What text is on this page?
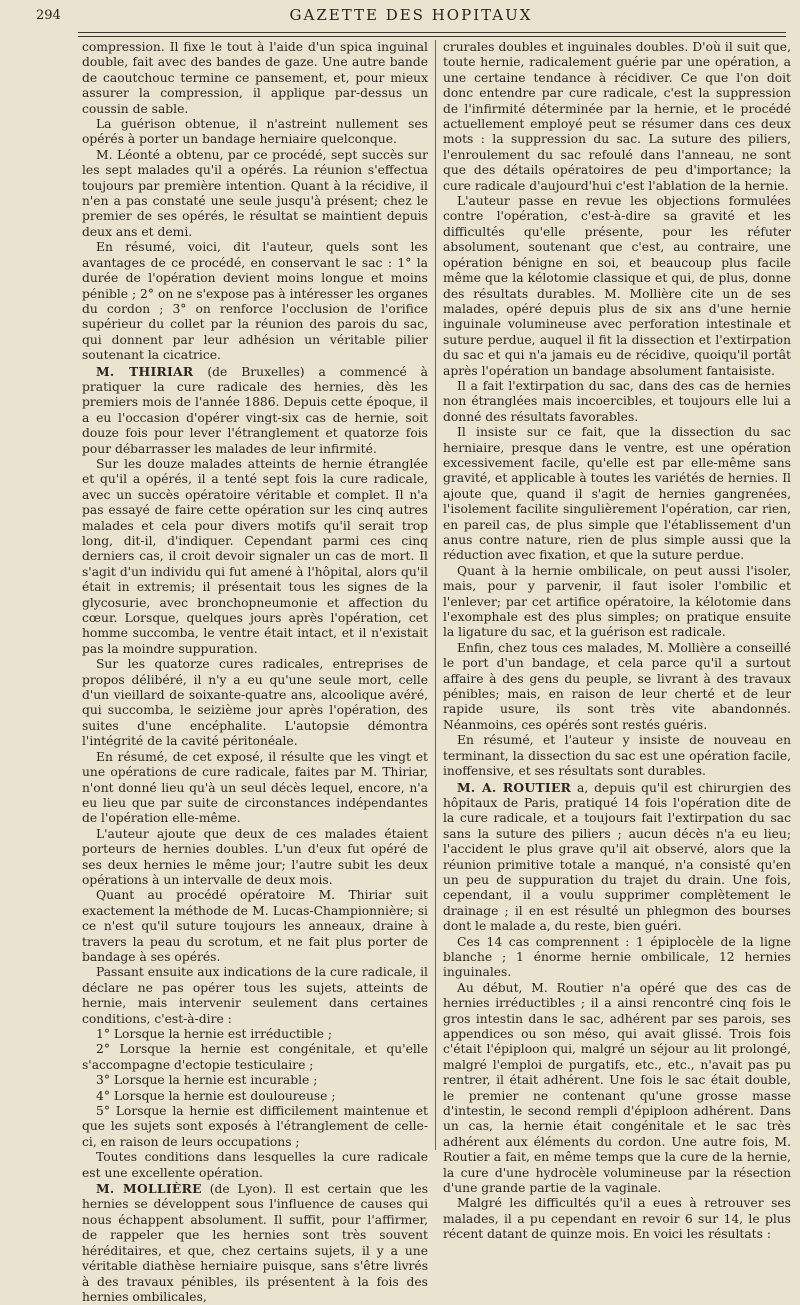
294	GAZETTE DES HOPITAUX

compression. Il fixe le tout à l'aide d'un spica inguinal double, fait avec des bandes de gaze. Une autre bande de caoutchouc termine ce pansement, et, pour mieux assurer la compression, il applique par-dessus un coussin de sable.

La guérison obtenue, il n'astreint nullement ses opérés à porter un bandage herniaire quelconque.

M. Léonté a obtenu, par ce procédé, sept succès sur les sept malades qu'il a opérés. La réunion s'effectua toujours par première intention. Quant à la récidive, il n'en a pas constaté une seule jusqu'à présent; chez le premier de ses opérés, le résultat se maintient depuis deux ans et demi.

En résumé, voici, dit l'auteur, quels sont les avantages de ce procédé, en conservant le sac : 1° la durée de l'opération devient moins longue et moins pénible ; 2° on ne s'expose pas à intéresser les organes du cordon ; 3° on renforce l'occlusion de l'orifice supérieur du collet par la réunion des parois du sac, qui donnent par leur adhésion un véritable pilier soutenant la cicatrice.

M. THIRIAR (de Bruxelles) a commencé à pratiquer la cure radicale des hernies, dès les premiers mois de l'année 1886. Depuis cette époque, il a eu l'occasion d'opérer vingt-six cas de hernie, soit douze fois pour lever l'étranglement et quatorze fois pour débarrasser les malades de leur infirmité.

Sur les douze malades atteints de hernie étranglée et qu'il a opérés, il a tenté sept fois la cure radicale, avec un succès opératoire véritable et complet. Il n'a pas essayé de faire cette opération sur les cinq autres malades et cela pour divers motifs qu'il serait trop long, dit-il, d'indiquer. Cependant parmi ces cinq derniers cas, il croit devoir signaler un cas de mort. Il s'agit d'un individu qui fut amené à l'hôpital, alors qu'il était in extremis; il présentait tous les signes de la glycosurie, avec bronchopneumonie et affection du cœur. Lorsque, quelques jours après l'opération, cet homme succomba, le ventre était intact, et il n'existait pas la moindre suppuration.

Sur les quatorze cures radicales, entreprises de propos délibéré, il n'y a eu qu'une seule mort, celle d'un vieillard de soixante-quatre ans, alcoolique avéré, qui succomba, le seizième jour après l'opération, des suites d'une encéphalite. L'autopsie démontra l'intégrité de la cavité péritonéale.

En résumé, de cet exposé, il résulte que les vingt et une opérations de cure radicale, faites par M. Thiriar, n'ont donné lieu qu'à un seul décès lequel, encore, n'a eu lieu que par suite de circonstances indépendantes de l'opération elle-même.

L'auteur ajoute que deux de ces malades étaient porteurs de hernies doubles. L'un d'eux fut opéré de ses deux hernies le même jour; l'autre subit les deux opérations à un intervalle de deux mois.

Quant au procédé opératoire M. Thiriar suit exactement la méthode de M. Lucas-Championnière; si ce n'est qu'il suture toujours les anneaux, draine à travers la peau du scrotum, et ne fait plus porter de bandage à ses opérés.

Passant ensuite aux indications de la cure radicale, il déclare ne pas opérer tous les sujets, atteints de hernie, mais intervenir seulement dans certaines conditions, c'est-à-dire :

1° Lorsque la hernie est irréductible ;

2° Lorsque la hernie est congénitale, et qu'elle s'accompagne d'ectopie testiculaire ;

3° Lorsque la hernie est incurable ;

4° Lorsque la hernie est douloureuse ;

5° Lorsque la hernie est difficilement maintenue et que les sujets sont exposés à l'étranglement de celle-ci, en raison de leurs occupations ;

Toutes conditions dans lesquelles la cure radicale est une excellente opération.

M. MOLLIÈRE (de Lyon). Il est certain que les hernies se développent sous l'influence de causes qui nous échappent absolument. Il suffit, pour l'affirmer, de rappeler que les hernies sont très souvent héréditaires, et que, chez certains sujets, il y a une véritable diathèse herniaire puisque, sans s'être livrés à des travaux pénibles, ils présentent à la fois des hernies ombilicales,

crurales doubles et inguinales doubles. D'où il suit que, toute hernie, radicalement guérie par une opération, a une certaine tendance à récidiver. Ce que l'on doit donc entendre par cure radicale, c'est la suppression de l'infirmité déterminée par la hernie, et le procédé actuellement employé peut se résumer dans ces deux mots : la suppression du sac. La suture des piliers, l'enroulement du sac refoulé dans l'anneau, ne sont que des détails opératoires de peu d'importance; la cure radicale d'aujourd'hui c'est l'ablation de la hernie.

L'auteur passe en revue les objections formulées contre l'opération, c'est-à-dire sa gravité et les difficultés qu'elle présente, pour les réfuter absolument, soutenant que c'est, au contraire, une opération bénigne en soi, et beaucoup plus facile même que la kélotomie classique et qui, de plus, donne des résultats durables. M. Mollière cite un de ses malades, opéré depuis plus de six ans d'une hernie inguinale volumineuse avec perforation intestinale et suture perdue, auquel il fit la dissection et l'extirpation du sac et qui n'a jamais eu de récidive, quoiqu'il portât après l'opération un bandage absolument fantaisiste.

Il a fait l'extirpation du sac, dans des cas de hernies non étranglées mais incoercibles, et toujours elle lui a donné des résultats favorables.

Il insiste sur ce fait, que la dissection du sac herniaire, presque dans le ventre, est une opération excessivement facile, qu'elle est par elle-même sans gravité, et applicable à toutes les variétés de hernies. Il ajoute que, quand il s'agit de hernies gangrenées, l'isolement facilite singulièrement l'opération, car rien, en pareil cas, de plus simple que l'établissement d'un anus contre nature, rien de plus simple aussi que la réduction avec fixation, et que la suture perdue.

Quant à la hernie ombilicale, on peut aussi l'isoler, mais, pour y parvenir, il faut isoler l'ombilic et l'enlever; par cet artifice opératoire, la kélotomie dans l'exomphale est des plus simples; on pratique ensuite la ligature du sac, et la guérison est radicale.

Enfin, chez tous ces malades, M. Mollière a conseillé le port d'un bandage, et cela parce qu'il a surtout affaire à des gens du peuple, se livrant à des travaux pénibles; mais, en raison de leur cherté et de leur rapide usure, ils sont très vite abandonnés. Néanmoins, ces opérés sont restés guéris.

En résumé, et l'auteur y insiste de nouveau en terminant, la dissection du sac est une opération facile, inoffensive, et ses résultats sont durables.

M. A. ROUTIER a, depuis qu'il est chirurgien des hôpitaux de Paris, pratiqué 14 fois l'opération dite de la cure radicale, et a toujours fait l'extirpation du sac sans la suture des piliers ; aucun décès n'a eu lieu; l'accident le plus grave qu'il ait observé, alors que la réunion primitive totale a manqué, n'a consisté qu'en un peu de suppuration du trajet du drain. Une fois, cependant, il a voulu supprimer complètement le drainage ; il en est résulté un phlegmon des bourses dont le malade a, du reste, bien guéri.

Ces 14 cas comprennent : 1 épiplocèle de la ligne blanche ; 1 énorme hernie ombilicale, 12 hernies inguinales.

Au début, M. Routier n'a opéré que des cas de hernies irréductibles ; il a ainsi rencontré cinq fois le gros intestin dans le sac, adhérent par ses parois, ses appendices ou son méso, qui avait glissé. Trois fois c'était l'épiploon qui, malgré un séjour au lit prolongé, malgré l'emploi de purgatifs, etc., etc., n'avait pas pu rentrer, il était adhérent. Une fois le sac était double, le premier ne contenant qu'une grosse masse d'intestin, le second rempli d'épiploon adhérent. Dans un cas, la hernie était congénitale et le sac très adhérent aux éléments du cordon. Une autre fois, M. Routier a fait, en même temps que la cure de la hernie, la cure d'une hydrocèle volumineuse par la résection d'une grande partie de la vaginale.

Malgré les difficultés qu'il a eues à retrouver ses malades, il a pu cependant en revoir 6 sur 14, le plus récent datant de quinze mois. En voici les résultats :
